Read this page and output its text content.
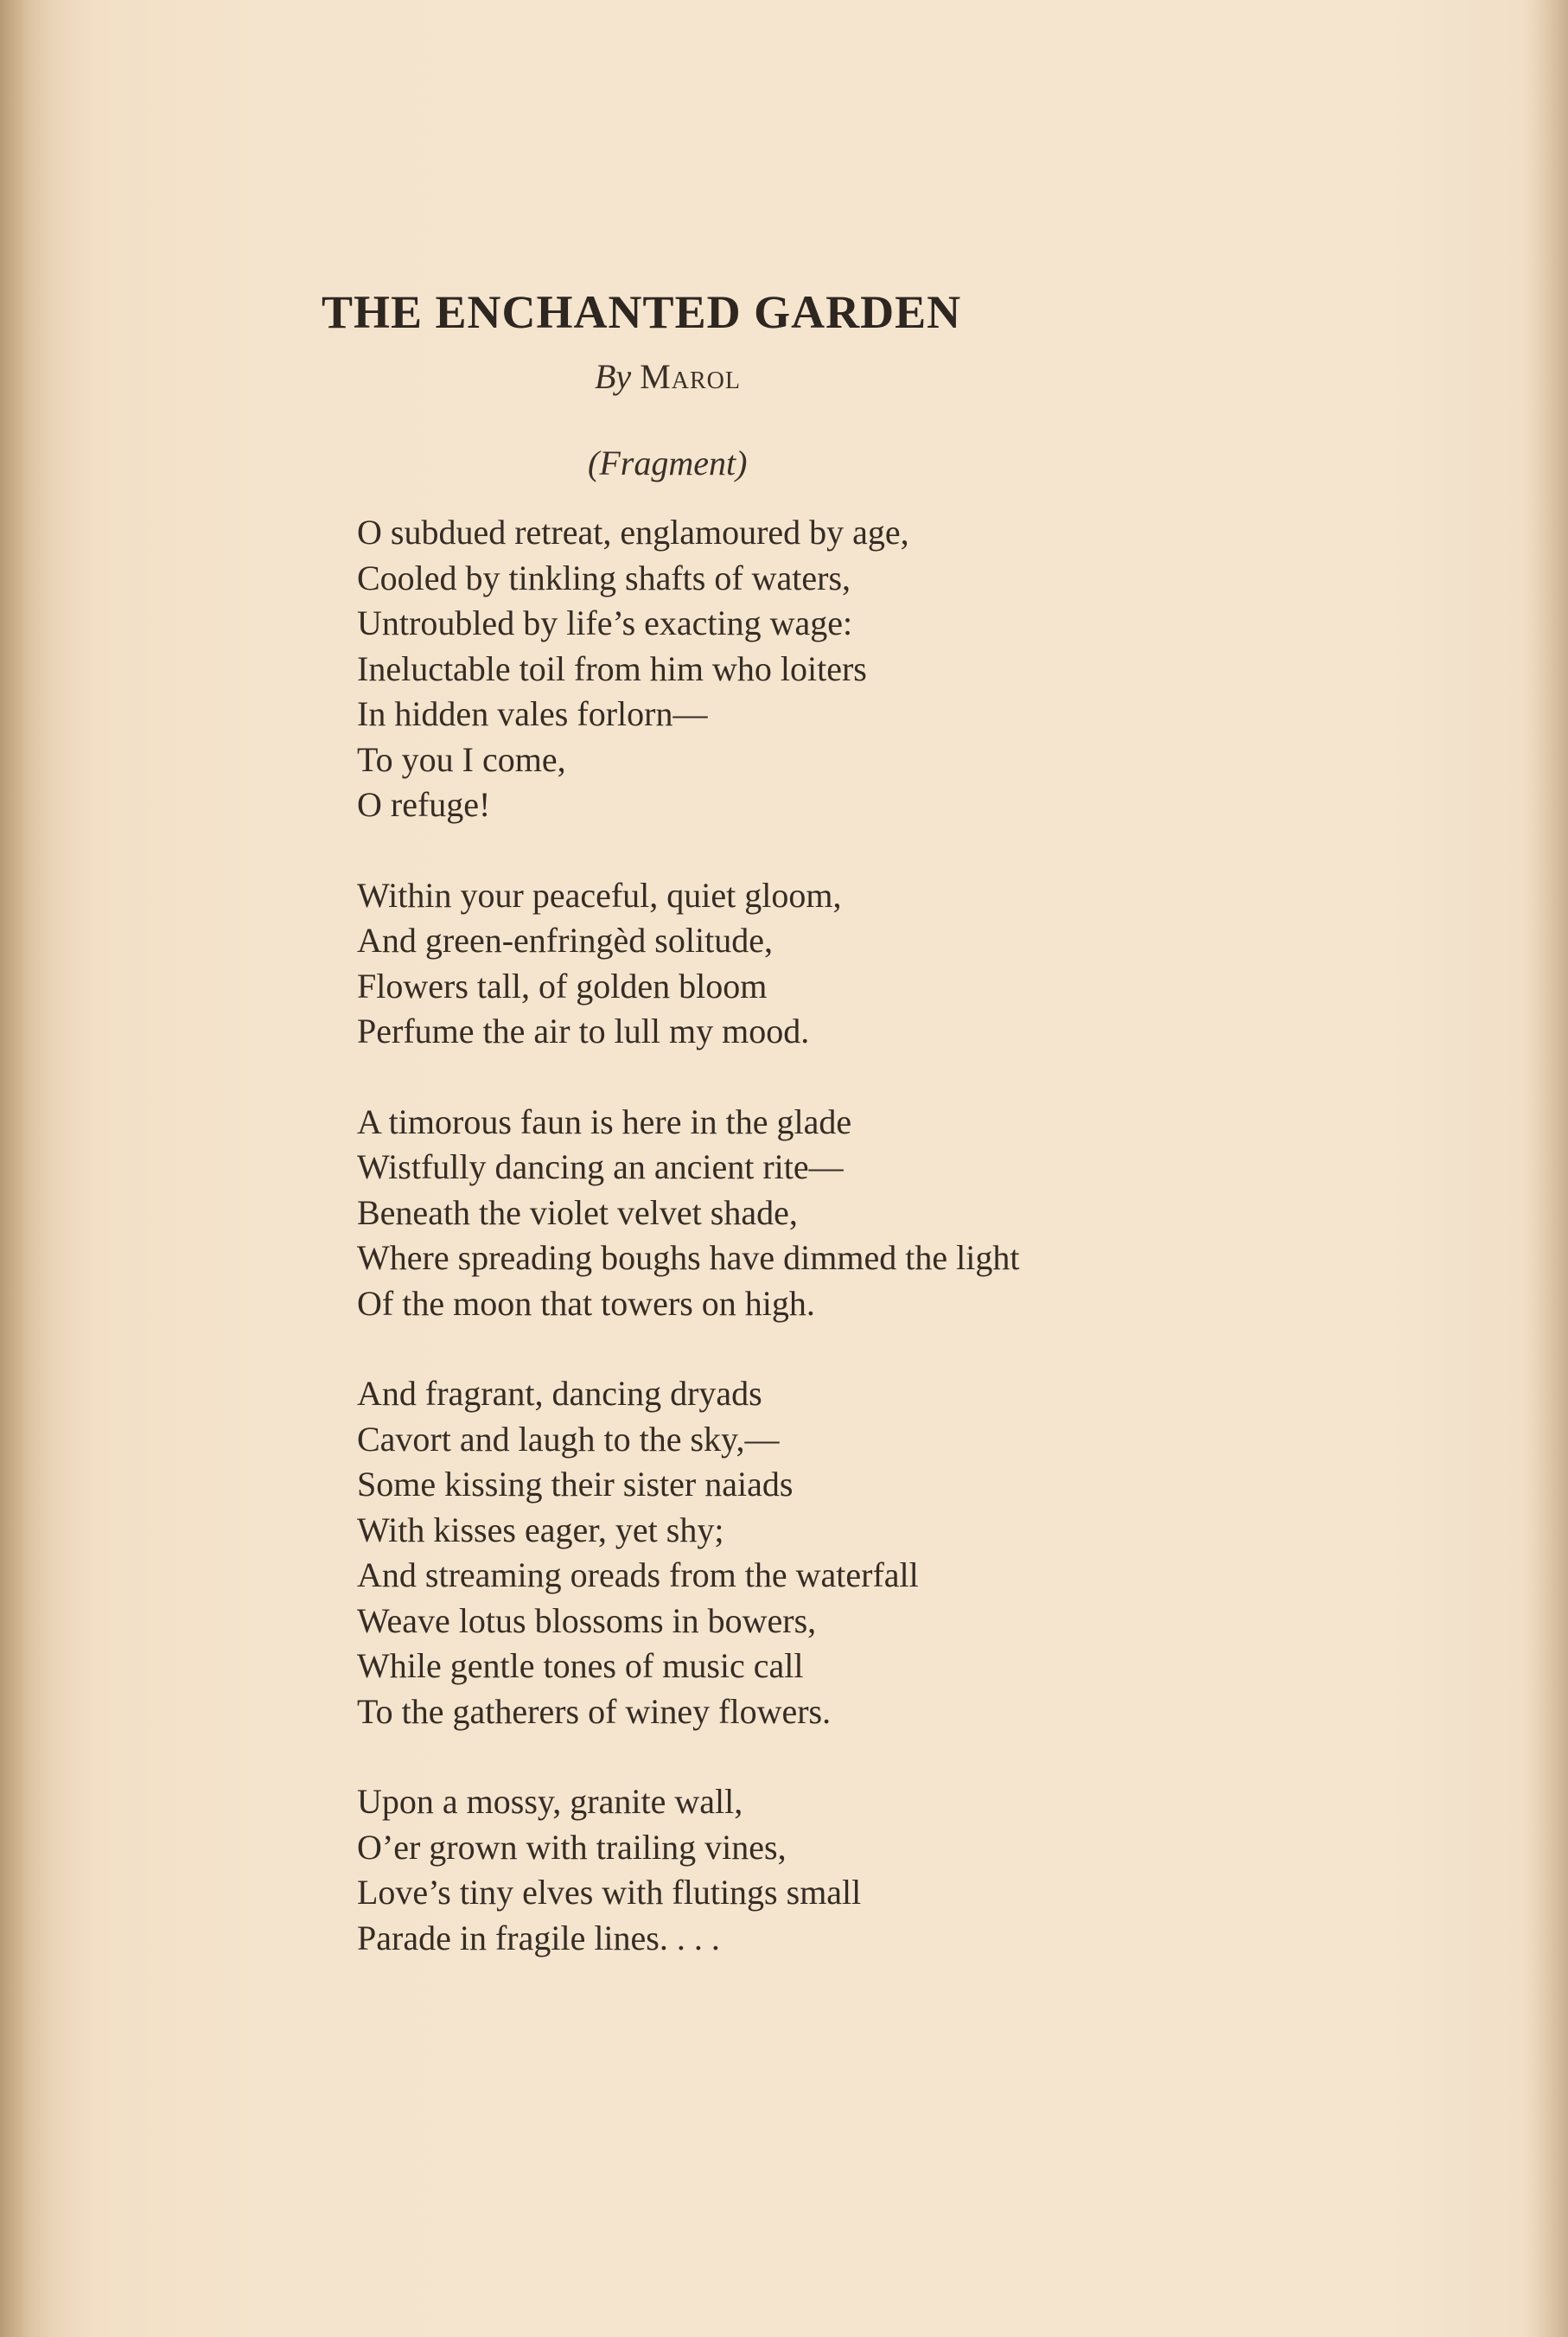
THE ENCHANTED GARDEN
By Marol
(Fragment)
O subdued retreat, englamoured by age,
Cooled by tinkling shafts of waters,
Untroubled by life’s exacting wage:
Ineluctable toil from him who loiters
In hidden vales forlorn—
To you I come,
O refuge!
Within your peaceful, quiet gloom,
And green-enfringèd solitude,
Flowers tall, of golden bloom
Perfume the air to lull my mood.
A timorous faun is here in the glade
Wistfully dancing an ancient rite—
Beneath the violet velvet shade,
Where spreading boughs have dimmed the light
Of the moon that towers on high.
And fragrant, dancing dryads
Cavort and laugh to the sky,—
Some kissing their sister naiads
With kisses eager, yet shy;
And streaming oreads from the waterfall
Weave lotus blossoms in bowers,
While gentle tones of music call
To the gatherers of winey flowers.
Upon a mossy, granite wall,
O’er grown with trailing vines,
Love’s tiny elves with flutings small
Parade in fragile lines. . . .
